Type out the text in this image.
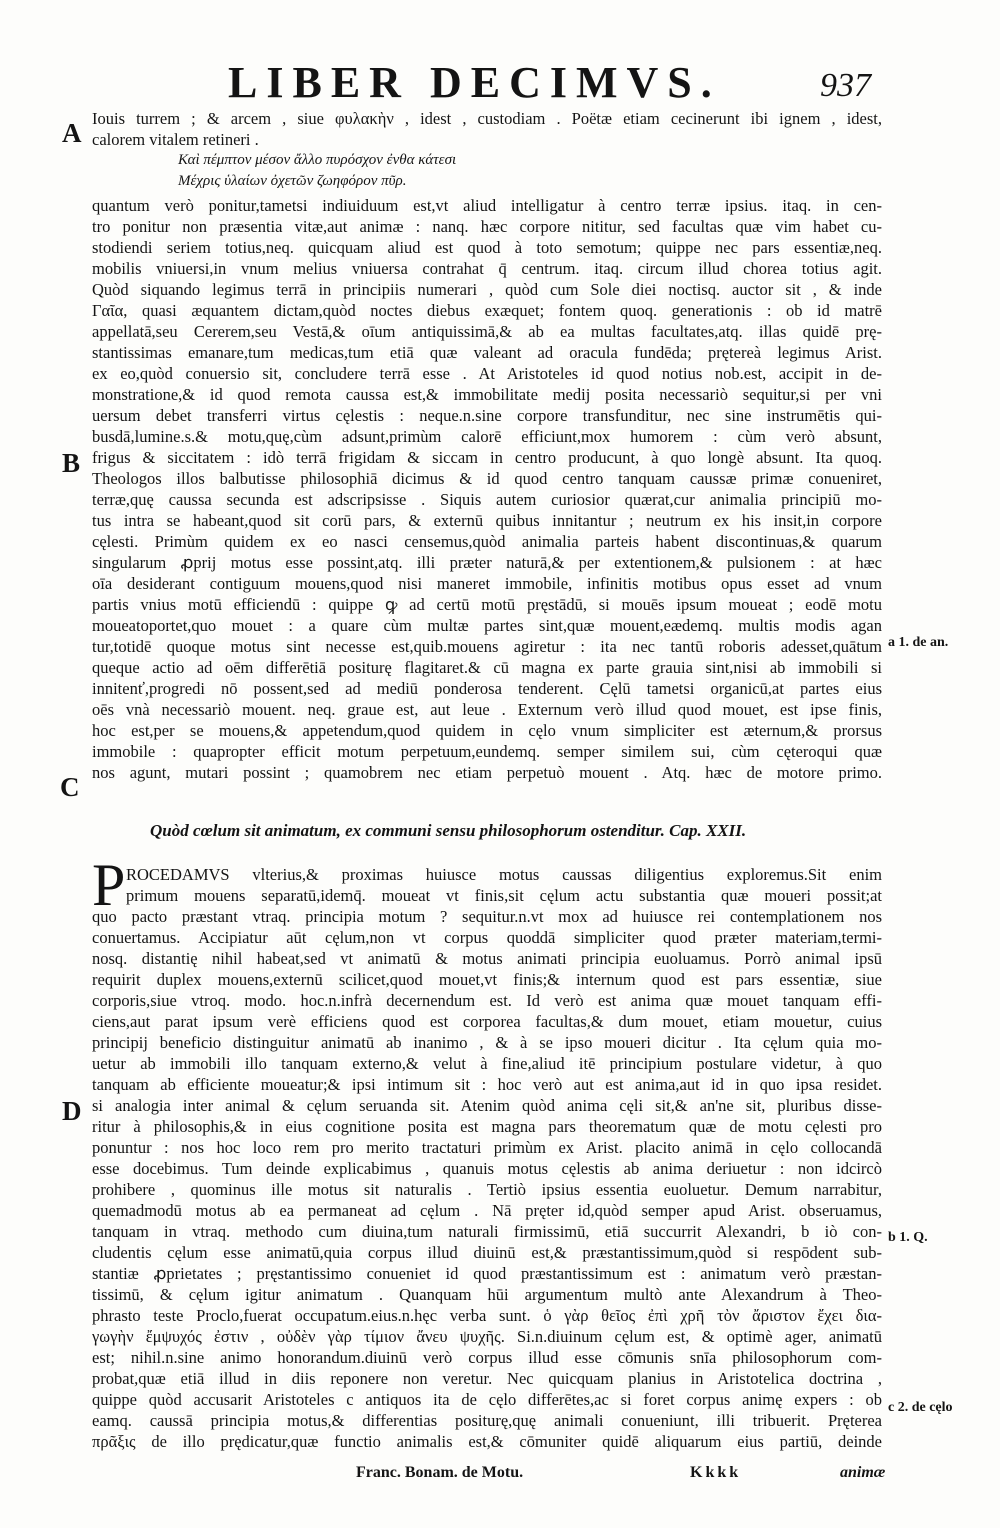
LIBER DECIMVS.	937
A
B
C
D
a 1. de an.
b 1. Q.
c 2. de cęlo
Iouis turrem ; & arcem , siue φυλακὴν , idest , custodiam . Poëtæ etiam cecinerunt ibi ignem , idest,
calorem vitalem retineri .
Καὶ πέμπτον μέσον ἄλλο πυρόσχον ἐνθα κάτεσι
Μέχρις ὑλαίων ὀχετῶν ζωηφόρον πῦρ.
quantum verò ponitur,tametsi indiuiduum est,vt aliud intelligatur à centro terræ ipsius. itaq. in cen-
tro ponitur non præsentia vitæ,aut animæ : nanq. hæc corpore nititur, sed facultas quæ vim habet cu-
stodiendi seriem totius,neq. quicquam aliud est quod à toto semotum; quippe nec pars essentiæ,neq.
mobilis vniuersi,in vnum melius vniuersa contrahat q̄ centrum. itaq. circum illud chorea totius agit.
Quòd siquando legimus terrā in principiis numerari , quòd cum Sole diei noctisq. auctor sit , & inde
Γαῖα, quasi æquantem dictam,quòd noctes diebus exæquet; fontem quoq. generationis : ob id matrē
appellatā,seu Cererem,seu Vestā,& oīum antiquissimā,& ab ea multas facultates,atq. illas quidē prę-
stantissimas emanare,tum medicas,tum etiā quæ valeant ad oracula fundēda; prętereà legimus Arist.
ex eo,quòd conuersio sit, concludere terrā esse . At Aristoteles id quod notius nob.est, accipit in de-
monstratione,& id quod remota caussa est,& immobilitate medij posita necessariò sequitur,si per vni
uersum debet transferri virtus cęlestis : neque.n.sine corpore transfunditur, nec sine instrumētis qui-
busdā,lumine.s.& motu,quę,cùm adsunt,primùm calorē efficiunt,mox humorem : cùm verò absunt,
frigus & siccitatem : idò terrā frigidam & siccam in centro producunt, à quo longè absunt. Ita quoq.
Theologos illos balbutisse philosophiā dicimus & id quod centro tanquam caussæ primæ conueniret,
terræ,quę caussa secunda est adscripsisse . Siquis autem curiosior quærat,cur animalia principiū mo-
tus intra se habeant,quod sit corū pars, & externū quibus innitantur ; neutrum ex his insit,in corpore
cęlesti. Primùm quidem ex eo nasci censemus,quòd animalia parteis habent discontinuas,& quarum
singularum ꝓprij motus esse possint,atq. illi præter naturā,& per extentionem,& pulsionem : at hæc
oīa desiderant contiguum mouens,quod nisi maneret immobile, infinitis motibus opus esset ad vnum
partis vnius motū efficiendū : quippe ꝙ ad certū motū pręstādū, si mouēs ipsum moueat ; eodē motu
moueatoportet,quo mouet : a quare cùm multæ partes sint,quæ mouent,eædemq. multis modis agan
tur,totidē quoque motus sint necesse est,quib.mouens agiretur : ita nec tantū roboris adesset,quātum
queque actio ad oēm differētiā positurę flagitaret.& cū magna ex parte grauia sint,nisi ab immobili si
innitenť,progredi nō possent,sed ad mediū ponderosa tenderent. Cęlū tametsi organicū,at partes eius
oēs vnà necessariò mouent. neq. graue est, aut leue . Externum verò illud quod mouet, est ipse finis,
hoc est,per se mouens,& appetendum,quod quidem in cęlo vnum simpliciter est æternum,& prorsus
immobile : quapropter efficit motum perpetuum,eundemq. semper similem sui, cùm cęteroqui quæ
nos agunt, mutari possint ; quamobrem nec etiam perpetuò mouent . Atq. hæc de motore primo.
Quòd cœlum sit animatum, ex communi sensu philosophorum ostenditur. Cap. XXII.
P ROCEDAMVS vlterius,& proximas huiusce motus caussas diligentius exploremus.Sit enim
primum mouens separatū,idemq̄. moueat vt finis,sit cęlum actu substantia quæ moueri possit;at
quo pacto præstant vtraq. principia motum ? sequitur.n.vt mox ad huiusce rei contemplationem nos
conuertamus. Accipiatur aūt cęlum,non vt corpus quoddā simpliciter quod præter materiam,termi-
nosq. distantię nihil habeat,sed vt animatū & motus animati principia euoluamus. Porrò animal ipsū
requirit duplex mouens,externū scilicet,quod mouet,vt finis;& internum quod est pars essentiæ, siue
corporis,siue vtroq. modo. hoc.n.infrà decernendum est. Id verò est anima quæ mouet tanquam effi-
ciens,aut parat ipsum verè efficiens quod est corporea facultas,& dum mouet, etiam mouetur, cuius
principij beneficio distinguitur animatū ab inanimo , & à se ipso moueri dicitur . Ita cęlum quia mo-
uetur ab immobili illo tanquam externo,& velut à fine,aliud itē principium postulare videtur, à quo
tanquam ab efficiente moueatur;& ipsi intimum sit : hoc verò aut est anima,aut id in quo ipsa residet.
si analogia inter animal & cęlum seruanda sit. Atenim quòd anima cęli sit,& an'ne sit, pluribus disse-
ritur à philosophis,& in eius cognitione posita est magna pars theorematum quæ de motu cęlesti pro
ponuntur : nos hoc loco rem pro merito tractaturi primùm ex Arist. placito animā in cęlo collocandā
esse docebimus. Tum deinde explicabimus , quanuis motus cęlestis ab anima deriuetur : non idcircò
prohibere , quominus ille motus sit naturalis . Tertiò ipsius essentia euoluetur. Demum narrabitur,
quemadmodū motus ab ea permaneat ad cęlum . Nā pręter id,quòd semper apud Arist. obseruamus,
tanquam in vtraq. methodo cum diuina,tum naturali firmissimū, etiā succurrit Alexandri, b iò con-
cludentis cęlum esse animatū,quia corpus illud diuinū est,& præstantissimum,quòd si respōdent sub-
stantiæ ꝓprietates ; pręstantissimo conueniet id quod præstantissimum est : animatum verò præstan-
tissimū, & cęlum igitur animatum . Quanquam hūi argumentum multò ante Alexandrum à Theo-
phrasto teste Proclo,fuerat occupatum.eius.n.hęc verba sunt. ὁ γὰρ θεῖος ἐπὶ χρῆ τὸν ἄριστον ἔχει δια-
γωγὴν ἔμψυχός ἐστιν , οὐδὲν γὰρ τίμιον ἄνευ ψυχῆς. Si.n.diuinum cęlum est, & optimè ager, animatū
est; nihil.n.sine animo honorandum.diuinū verò corpus illud esse cōmunis snīa philosophorum com-
probat,quæ etiā illud in diis reponere non veretur. Nec quicquam planius in Aristotelica doctrina ,
quippe quòd accusarit Aristoteles c antiquos ita de cęlo differētes,ac si foret corpus animę expers : ob
eamq. caussā principia motus,& differentias positurę,quę animali conueniunt, illi tribuerit. Pręterea
πρᾶξις de illo prędicatur,quæ functio animalis est,& cōmuniter quidē aliquarum eius partiū, deinde
Franc. Bonam. de Motu.	Kkkk	animæ
